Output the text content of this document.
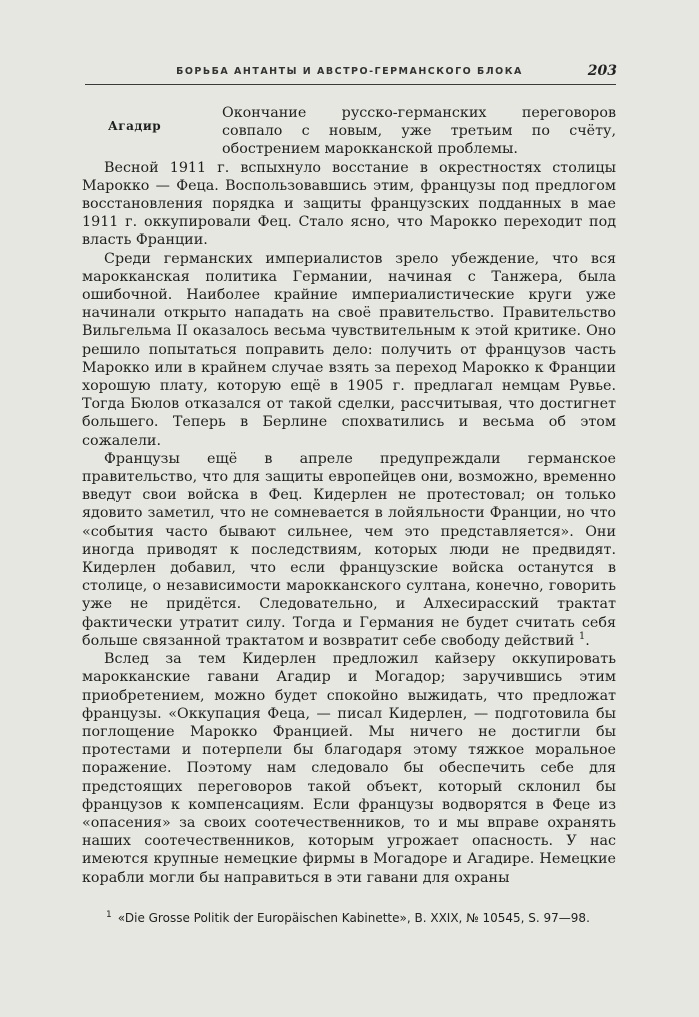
БОРЬБА АНТАНТЫ И АВСТРО-ГЕРМАНСКОГО БЛОКА	203
Агадир

Окончание русско-германских переговоров совпало с новым, уже третьим по счёту, обострением марокканской проблемы.

Весной 1911 г. вспыхнуло восстание в окрестностях столицы Марокко — Феца. Воспользовавшись этим, французы под предлогом восстановления порядка и защиты французских подданных в мае 1911 г. оккупировали Фец. Стало ясно, что Марокко переходит под власть Франции.

Среди германских империалистов зрело убеждение, что вся марокканская политика Германии, начиная с Танжера, была ошибочной. Наиболее крайние империалистические круги уже начинали открыто нападать на своё правительство. Правительство Вильгельма II оказалось весьма чувствительным к этой критике. Оно решило попытаться поправить дело: получить от французов часть Марокко или в крайнем случае взять за переход Марокко к Франции хорошую плату, которую ещё в 1905 г. предлагал немцам Рувье. Тогда Бюлов отказался от такой сделки, рассчитывая, что достигнет большего. Теперь в Берлине спохватились и весьма об этом сожалели.

Французы ещё в апреле предупреждали германское правительство, что для защиты европейцев они, возможно, временно введут свои войска в Фец. Кидерлен не протестовал; он только ядовито заметил, что не сомневается в лойяльности Франции, но что «события часто бывают сильнее, чем это представляется». Они иногда приводят к последствиям, которых люди не предвидят. Кидерлен добавил, что если французские войска останутся в столице, о независимости марокканского султана, конечно, говорить уже не придётся. Следовательно, и Алхесирасский трактат фактически утратит силу. Тогда и Германия не будет считать себя больше связанной трактатом и возвратит себе свободу действий $^1$.

Вслед за тем Кидерлен предложил кайзеру оккупировать марокканские гавани Агадир и Могадор; заручившись этим приобретением, можно будет спокойно выжидать, что предложат французы. «Оккупация Феца, — писал Кидерлен, — подготовила бы поглощение Марокко Францией. Мы ничего не достигли бы протестами и потерпели бы благодаря этому тяжкое моральное поражение. Поэтому нам следовало бы обеспечить себе для предстоящих переговоров такой объект, который склонил бы французов к компенсациям. Если французы водворятся в Феце из «опасения» за своих соотечественников, то и мы вправе охранять наших соотечественников, которым угрожает опасность. У нас имеются крупные немецкие фирмы в Могадоре и Агадире. Немецкие корабли могли бы направиться в эти гавани для охраны

$^1$ «Die Grosse Politik der Europäischen Kabinette», B. XXIX, № 10545, S. 97—98.
